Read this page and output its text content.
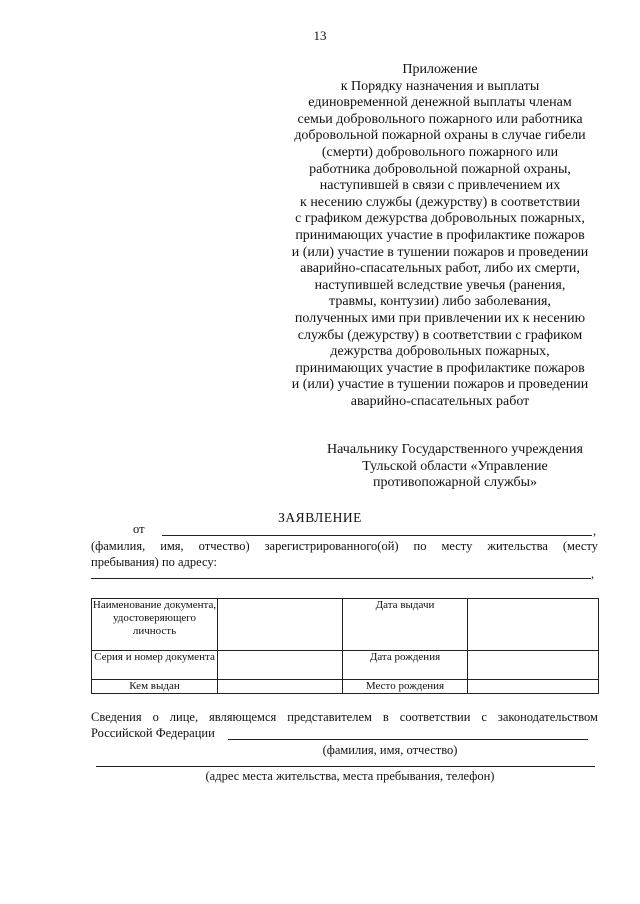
13
Приложение
к Порядку назначения и выплаты
единовременной денежной выплаты членам
семьи добровольного пожарного или работника
добровольной пожарной охраны в случае гибели
(смерти) добровольного пожарного или
работника добровольной пожарной охраны,
наступившей в связи с привлечением их
к несению службы (дежурству) в соответствии
с графиком дежурства добровольных пожарных,
принимающих участие в профилактике пожаров
и (или) участие в тушении пожаров и проведении
аварийно-спасательных работ, либо их смерти,
наступившей вследствие увечья (ранения,
травмы, контузии) либо заболевания,
полученных ими при привлечении их к несению
службы (дежурству) в соответствии с графиком
дежурства добровольных пожарных,
принимающих участие в профилактике пожаров
и (или) участие в тушении пожаров и проведении
аварийно-спасательных работ
Начальнику Государственного учреждения
Тульской области «Управление
противопожарной службы»
ЗАЯВЛЕНИЕ
от	,
(фамилия, имя, отчество) зарегистрированного(ой) по месту жительства (месту
пребывания) по адресу:
,
Наименование документа, удостоверяющего личность		Дата выдачи	
Серия и номер документа		Дата рождения	
Кем выдан		Место рождения	
Сведения о лице, являющемся представителем в соответствии с законодательством
Российской Федерации
(фамилия, имя, отчество)
(адрес места жительства, места пребывания, телефон)
